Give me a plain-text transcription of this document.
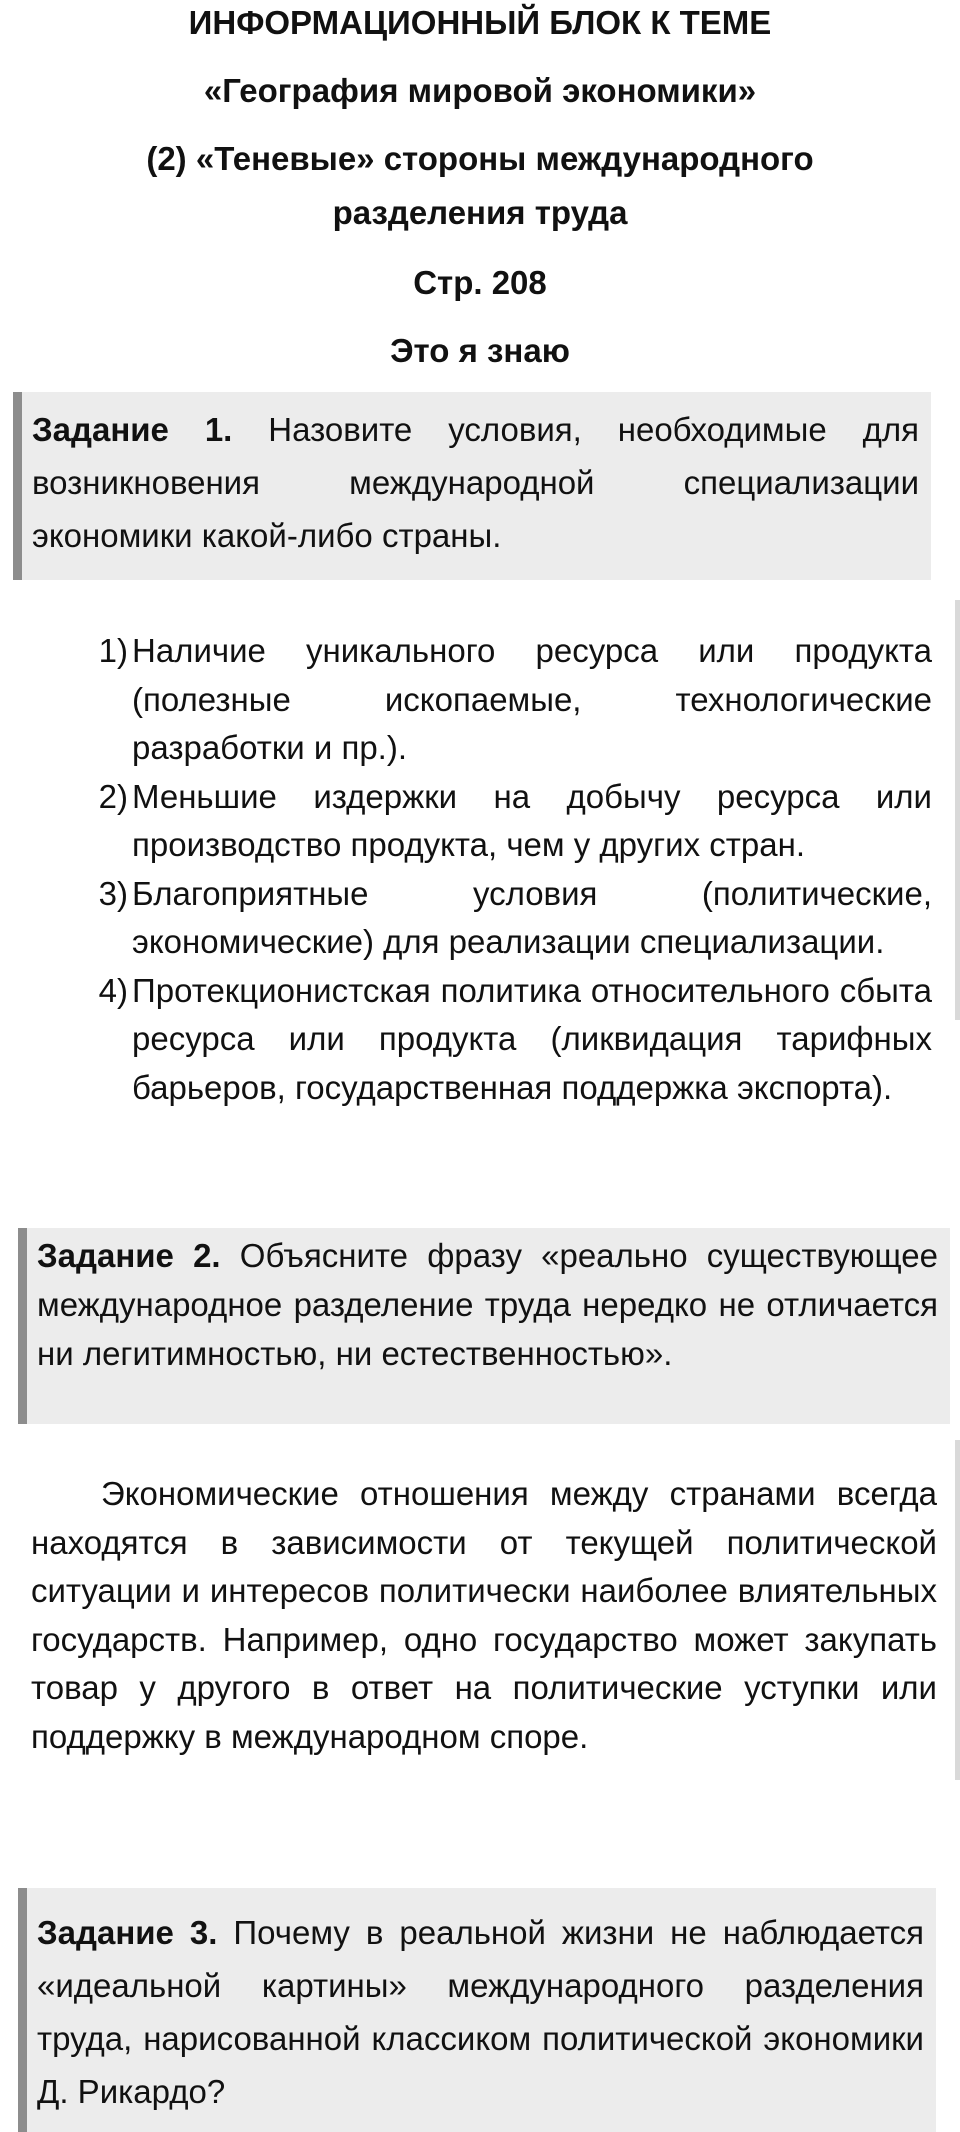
ИНФОРМАЦИОННЫЙ БЛОК К ТЕМЕ
«География мировой экономики»
(2) «Теневые» стороны международного
разделения труда
Стр. 208
Это я знаю
Задание 1. Назовите условия, необходимые для возникновения международной специализации экономики какой-либо страны.
1) Наличие уникального ресурса или продукта (полезные ископаемые, технологические разработки и пр.).
2) Меньшие издержки на добычу ресурса или производство продукта, чем у других стран.
3) Благоприятные условия (политические, экономические) для реализации специализации.
4) Протекционистская политика относительного сбыта ресурса или продукта (ликвидация тарифных барьеров, государственная поддержка экспорта).
Задание 2. Объясните фразу «реально существующее международное разделение труда нередко не отличается ни легитимностью, ни естественностью».

Экономические отношения между странами всегда находятся в зависимости от текущей политической ситуации и интересов политически наиболее влиятельных государств. Например, одно государство может закупать товар у другого в ответ на политические уступки или поддержку в международном споре.

Задание 3. Почему в реальной жизни не наблюдается «идеальной картины» международного разделения труда, нарисованной классиком политической экономики Д. Рикардо?
